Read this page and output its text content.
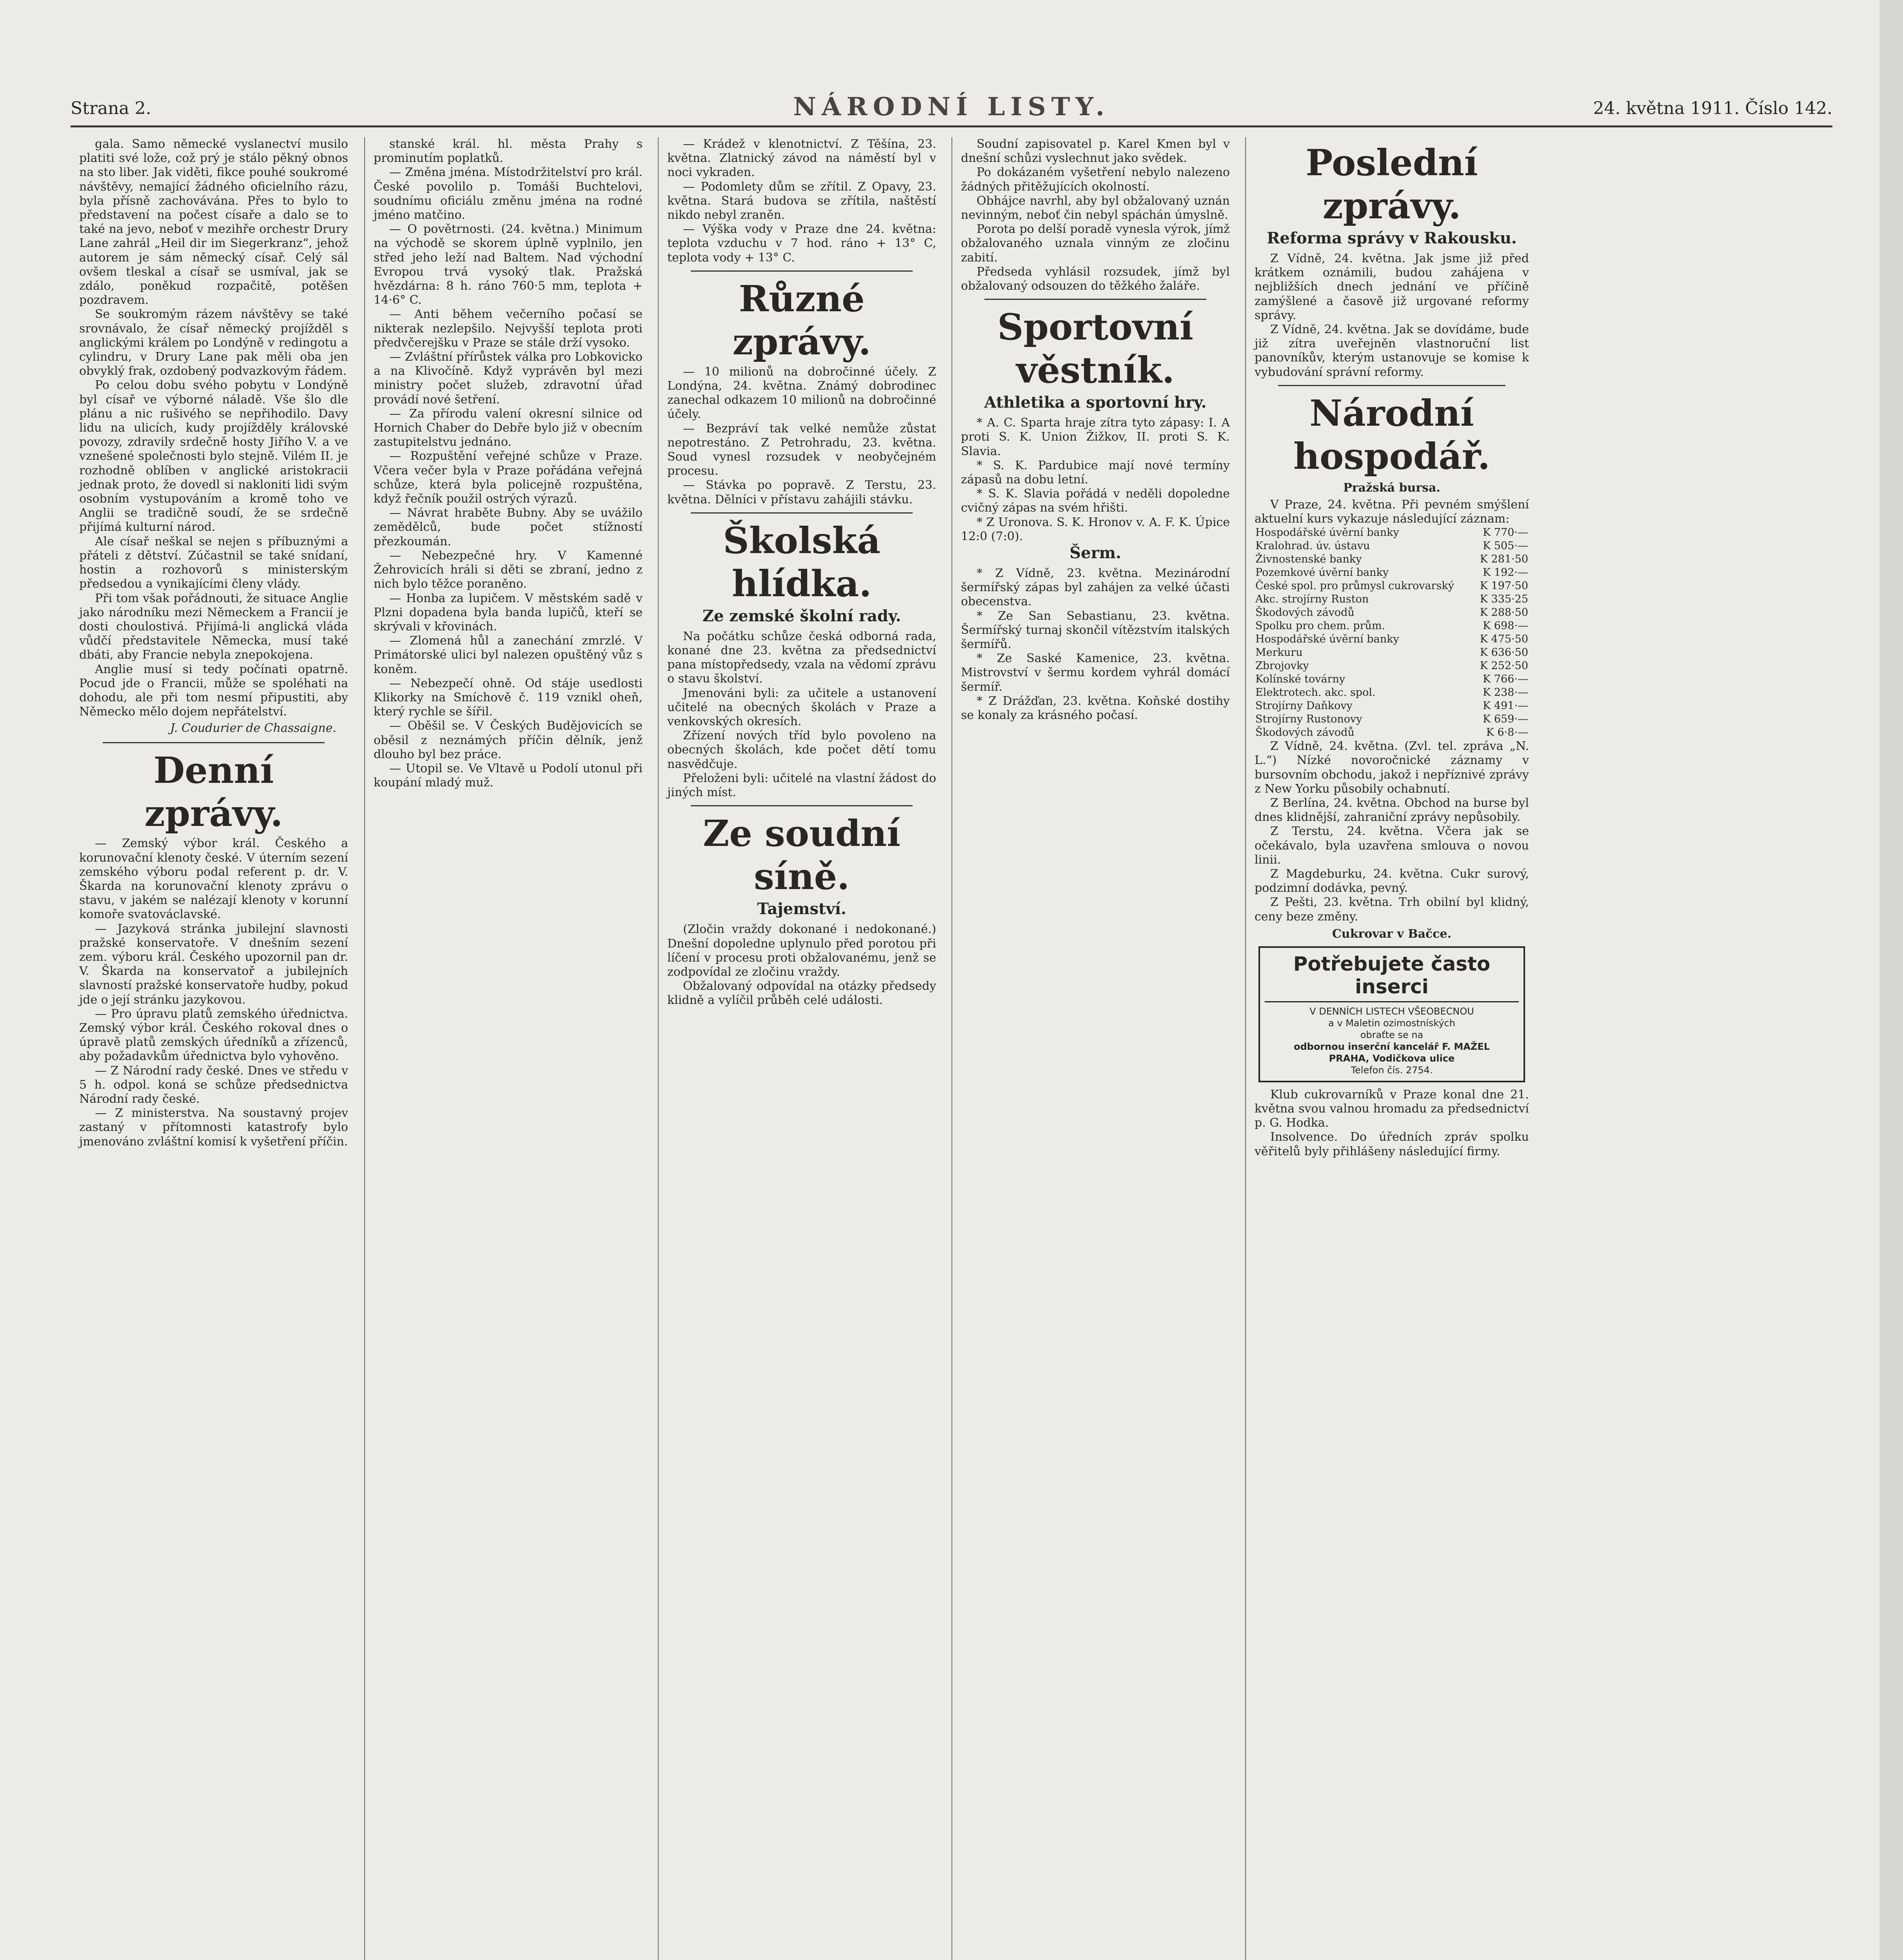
Strana 2.	NÁRODNÍ LISTY.	24. května 1911. Číslo 142.

gala. Samo německé vyslanectví musilo platiti své lože, což prý je stálo pěkný obnos na sto liber. Jak viděti, fikce pouhé soukromé návštěvy, nemající žádného oficielního rázu, byla přísně zachovávána. Přes to bylo to představení na počest císaře a dalo se to také na jevo, neboť v mezihře orchestr Drury Lane zahrál „Heil dir im Siegerkranz“, jehož autorem je sám německý císař. Celý sál ovšem tleskal a císař se usmíval, jak se zdálo, poněkud rozpačitě, potěšen pozdravem.

Se soukromým rázem návštěvy se také srovnávalo, že císař německý projížděl s anglickými králem po Londýně v redingotu a cylindru, v Drury Lane pak měli oba jen obvyklý frak, ozdobený podvazkovým řádem.

Po celou dobu svého pobytu v Londýně byl císař ve výborné náladě. Vše šlo dle plánu a nic rušivého se nepřihodilo. Davy lidu na ulicích, kudy projížděly královské povozy, zdravily srdečně hosty Jiřího V. a ve vznešené společnosti bylo stejně. Vilém II. je rozhodně oblíben v anglické aristokracii jednak proto, že dovedl si nakloniti lidi svým osobním vystupováním a kromě toho ve Anglii se tradičně soudí, že se srdečně přijímá kulturní národ.

Ale císař neškal se nejen s příbuznými a přáteli z dětství. Zúčastnil se také snídaní, hostin a rozhovorů s ministerským předsedou a vynikajícími členy vlády.

Při tom však pořádnouti, že situace Anglie jako národníku mezi Německem a Francií je dosti choulostivá. Přijímá-li anglická vláda vůdčí představitele Německa, musí také dbáti, aby Francie nebyla znepokojena.

Anglie musí si tedy počínati opatrně. Pocud jde o Francii, může se spoléhati na dohodu, ale při tom nesmí připustiti, aby Německo mělo dojem nepřátelství.

J. Coudurier de Chassaigne.
Denní zprávy.

— Zemský výbor král. Českého a korunovační klenoty české. V úterním sezení zemského výboru podal referent p. dr. V. Škarda na korunovační klenoty zprávu o stavu, v jakém se nalézají klenoty v korunní komoře svatováclavské.

— Jazyková stránka jubilejní slavnosti pražské konservatoře. V dnešním sezení zem. výboru král. Českého upozornil pan dr. V. Škarda na konservatoř a jubilejních slavností pražské konservatoře hudby, pokud jde o její stránku jazykovou.

— Pro úpravu platů zemského úřednictva. Zemský výbor král. Českého rokoval dnes o úpravě platů zemských úředníků a zřízenců, aby požadavkům úřednictva bylo vyhověno.

— Z Národní rady české. Dnes ve středu v 5 h. odpol. koná se schůze předsednictva Národní rady české.

— Z ministerstva. Na soustavný projev zastaný v přítomnosti katastrofy bylo jmenováno zvláštní komisí k vyšetření příčin.

stanské král. hl. města Prahy s prominutím poplatků.

— Změna jména. Místodržitelství pro král. České povolilo p. Tomáši Buchtelovi, soudnímu oficiálu změnu jména na rodné jméno matčino.

— O povětrnosti. (24. května.) Minimum na východě se skorem úplně vyplnilo, jen střed jeho leží nad Baltem. Nad východní Evropou trvá vysoký tlak. Pražská hvězdárna: 8 h. ráno 760·5 mm, teplota + 14·6° C.

— Anti během večerního počasí se nikterak nezlepšilo. Nejvyšší teplota proti předvčerejšku v Praze se stále drží vysoko.

— Zvláštní přírůstek válka pro Lobkovicko a na Klivočíně. Když vyprávěn byl mezi ministry počet služeb, zdravotní úřad provádí nové šetření.

— Za přírodu valení okresní silnice od Hornich Chaber do Debře bylo již v obecním zastupitelstvu jednáno.

— Rozpuštění veřejné schůze v Praze. Včera večer byla v Praze pořádána veřejná schůze, která byla policejně rozpuštěna, když řečník použil ostrých výrazů.

— Návrat hraběte Bubny. Aby se uvážilo zemědělců, bude počet stížností přezkoumán.

— Nebezpečné hry. V Kamenné Žehrovicích hráli si děti se zbraní, jedno z nich bylo těžce poraněno.

— Honba za lupičem. V městském sadě v Plzni dopadena byla banda lupičů, kteří se skrývali v křovinách.

— Zlomená hůl a zanechání zmrzlé. V Primátorské ulici byl nalezen opuštěný vůz s koněm.

— Nebezpečí ohně. Od stáje usedlosti Klikorky na Smíchově č. 119 vznikl oheň, který rychle se šířil.

— Oběšil se. V Českých Budějovicích se oběsil z neznámých příčin dělník, jenž dlouho byl bez práce.

— Utopil se. Ve Vltavě u Podolí utonul při koupání mladý muž.

— Krádež v klenotnictví. Z Těšína, 23. května. Zlatnický závod na náměstí byl v noci vykraden.

— Podomlety dům se zřítil. Z Opavy, 23. května. Stará budova se zřítila, naštěstí nikdo nebyl zraněn.

— Výška vody v Praze dne 24. května: teplota vzduchu v 7 hod. ráno + 13° C, teplota vody + 13° C.

Různé zprávy.

— 10 milionů na dobročinné účely. Z Londýna, 24. května. Známý dobrodinec zanechal odkazem 10 milionů na dobročinné účely.

— Bezpráví tak velké nemůže zůstat nepotrestáno. Z Petrohradu, 23. května. Soud vynesl rozsudek v neobyčejném procesu.

— Stávka po popravě. Z Terstu, 23. května. Dělníci v přístavu zahájili stávku.

Školská hlídka.
Ze zemské školní rady.

Na počátku schůze česká odborná rada, konané dne 23. května za předsednictví pana místopředsedy, vzala na vědomí zprávu o stavu školství.

Jmenováni byli: za učitele a ustanovení učitelé na obecných školách v Praze a venkovských okresích.

Zřízení nových tříd bylo povoleno na obecných školách, kde počet dětí tomu nasvědčuje.

Přeloženi byli: učitelé na vlastní žádost do jiných míst.

Ze soudní síně.
Tajemství.

(Zločin vraždy dokonané i nedokonané.) Dnešní dopoledne uplynulo před porotou při líčení v procesu proti obžalovanému, jenž se zodpovídal ze zločinu vraždy.

Obžalovaný odpovídal na otázky předsedy klidně a vylíčil průběh celé události.

Soudní zapisovatel p. Karel Kmen byl v dnešní schůzi vyslechnut jako svědek.

Po dokázaném vyšetření nebylo nalezeno žádných přitěžujících okolností.

Obhájce navrhl, aby byl obžalovaný uznán nevinným, neboť čin nebyl spáchán úmyslně.

Porota po delší poradě vynesla výrok, jímž obžalovaného uznala vinným ze zločinu zabití.

Předseda vyhlásil rozsudek, jímž byl obžalovaný odsouzen do těžkého žaláře.

Sportovní věstník.
Athletika a sportovní hry.

* A. C. Sparta hraje zítra tyto zápasy: I. A proti S. K. Union Žižkov, II. proti S. K. Slavia.

* S. K. Pardubice mají nové termíny zápasů na dobu letní.

* S. K. Slavia pořádá v neděli dopoledne cvičný zápas na svém hřišti.

* Z Uronova. S. K. Hronov v. A. F. K. Úpice 12:0 (7:0).

Šerm.

* Z Vídně, 23. května. Mezinárodní šermířský zápas byl zahájen za velké účasti obecenstva.

* Ze San Sebastianu, 23. května. Šermířský turnaj skončil vítězstvím italských šermířů.

* Ze Saské Kamenice, 23. května. Mistrovství v šermu kordem vyhrál domácí šermíř.

* Z Drážďan, 23. května. Koňské dostihy se konaly za krásného počasí.

Poslední zprávy.
Reforma správy v Rakousku.

Z Vídně, 24. května. Jak jsme již před krátkem oznámili, budou zahájena v nejbližších dnech jednání ve příčině zamýšlené a časově již urgované reformy správy.

Z Vídně, 24. května. Jak se dovídáme, bude již zítra uveřejněn vlastnoruční list panovníkův, kterým ustanovuje se komise k vybudování správní reformy.

Národní hospodář.
Pražská bursa.

V Praze, 24. května. Při pevném smýšlení aktuelní kurs vykazuje následující záznam:

Hospodářské úvěrní banky	K 770·—
Kralohrad. úv. ústavu	K 505·—
Živnostenské banky	K 281·50
Pozemkové úvěrní banky	K 192·—
České spol. pro průmysl cukrovarský	K 197·50
Akc. strojírny Ruston	K 335·25
Škodových závodů	K 288·50
Spolku pro chem. prům.	K 698·—
Hospodářské úvěrní banky	K 475·50
Merkuru	K 636·50
Zbrojovky	K 252·50
Kolínské továrny	K 766·—
Elektrotech. akc. spol.	K 238·—
Strojírny Daňkovy	K 491·—
Strojírny Rustonovy	K 659·—
Škodových závodů	K 6·8·—

Z Vídně, 24. května. (Zvl. tel. zpráva „N. L.“) Nízké novoročnické záznamy v bursovním obchodu, jakož i nepříznivé zprávy z New Yorku působily ochabnutí.

Z Berlína, 24. května. Obchod na burse byl dnes klidnější, zahraniční zprávy nepůsobily.

Z Terstu, 24. května. Včera jak se očekávalo, byla uzavřena smlouva o novou linii.

Z Magdeburku, 24. května. Cukr surový, podzimní dodávka, pevný.

Z Pešti, 23. května. Trh obilní byl klidný, ceny beze změny.

Cukrovar v Bačce.
Potřebujete často inserci
V DENNÍCH LISTECH VŠEOBECNOU
a v Maletin ozimostníských
obraťte se na
odbornou inserční kancelář F. MAŽEL
PRAHA, Vodičkova ulice
Telefon čís. 2754.

Klub cukrovarníků v Praze konal dne 21. května svou valnou hromadu za předsednictví p. G. Hodka.

Insolvence. Do úředních zpráv spolku věřitelů byly přihlášeny následující firmy.
